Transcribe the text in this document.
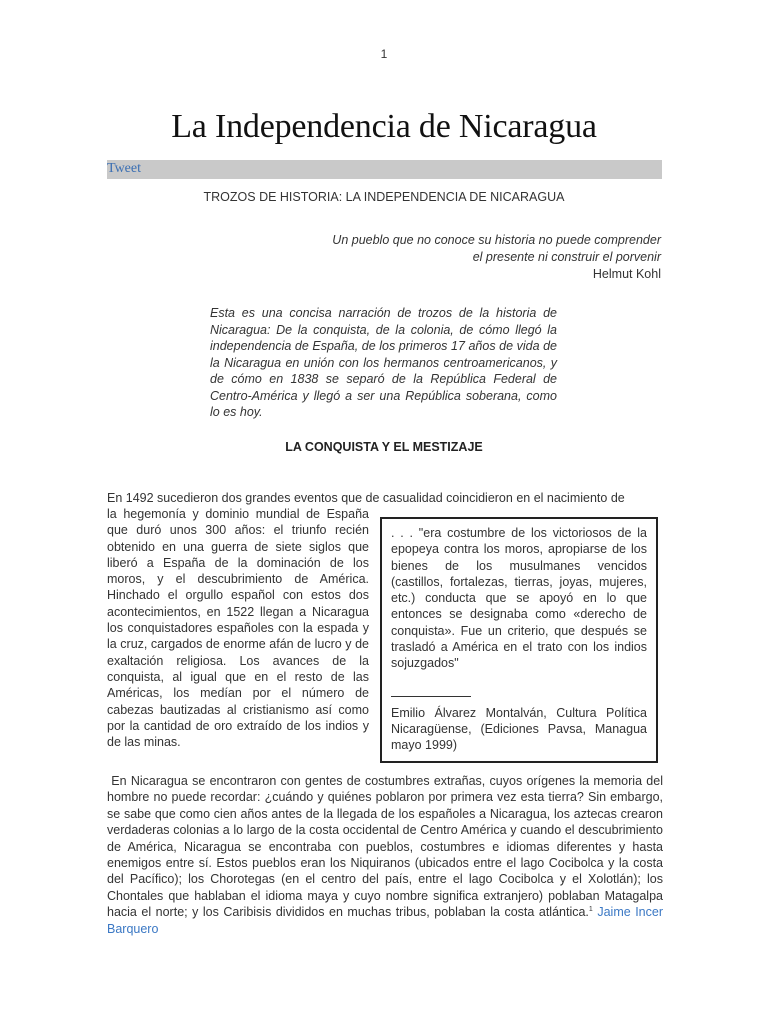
1
La Independencia de Nicaragua
Tweet
TROZOS DE HISTORIA: LA INDEPENDENCIA DE NICARAGUA
Un pueblo que no conoce su historia no puede comprender
el presente ni construir el porvenir
Helmut Kohl
Esta es una concisa narración de trozos de la historia de Nicaragua: De la conquista, de la colonia, de cómo llegó la independencia de España, de los primeros 17 años de vida de la Nicaragua en unión con los hermanos centroamericanos, y de cómo en 1838 se separó de la República Federal de Centro-América y llegó a ser una República soberana, como lo es hoy.
LA CONQUISTA Y EL MESTIZAJE
En 1492 sucedieron dos grandes eventos que de casualidad coincidieron en el nacimiento de
la hegemonía y dominio mundial de España que duró unos 300 años: el triunfo recién obtenido en una guerra de siete siglos que liberó a España de la dominación de los moros, y el descubrimiento de América. Hinchado el orgullo español con estos dos acontecimientos, en 1522 llegan a Nicaragua los conquistadores españoles con la espada y la cruz, cargados de enorme afán de lucro y de exaltación religiosa. Los avances de la conquista, al igual que en el resto de las Américas, los medían por el número de cabezas bautizadas al cristianismo así como por la cantidad de oro extraído de los indios y de las minas.
. . . "era costumbre de los victoriosos de la epopeya contra los moros, apropiarse de los bienes de los musulmanes vencidos (castillos, fortalezas, tierras, joyas, mujeres, etc.) conducta que se apoyó en lo que entonces se designaba como «derecho de conquista». Fue un criterio, que después se trasladó a América en el trato con los indios sojuzgados"
Emilio Álvarez Montalván, Cultura Política Nicaragüense, (Ediciones Pavsa, Managua mayo 1999)
En Nicaragua se encontraron con gentes de costumbres extrañas, cuyos orígenes la memoria del hombre no puede recordar: ¿cuándo y quiénes poblaron por primera vez esta tierra? Sin embargo, se sabe que como cien años antes de la llegada de los españoles a Nicaragua, los aztecas crearon verdaderas colonias a lo largo de la costa occidental de Centro América y cuando el descubrimiento de América, Nicaragua se encontraba con pueblos, costumbres e idiomas diferentes y hasta enemigos entre sí. Estos pueblos eran los Niquiranos (ubicados entre el lago Cocibolca y la costa del Pacífico); los Chorotegas (en el centro del país, entre el lago Cocibolca y el Xolotlán); los Chontales que hablaban el idioma maya y cuyo nombre significa extranjero) poblaban Matagalpa hacia el norte; y los Caribisis divididos en muchas tribus, poblaban la costa atlántica.$^1$ Jaime Incer Barquero
